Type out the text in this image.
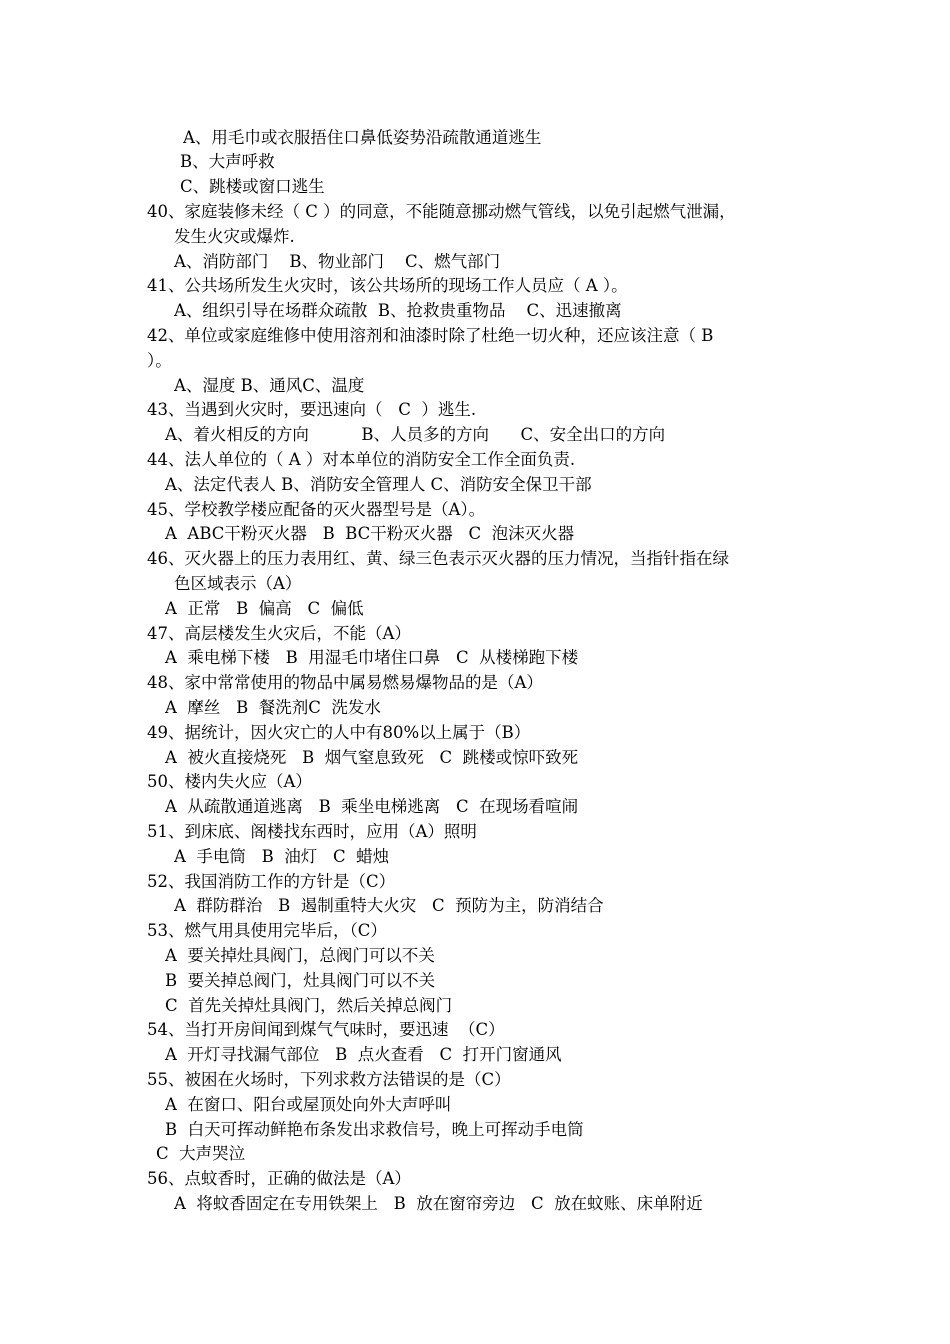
A、用毛巾或衣服捂住口鼻低姿势沿疏散通道逃生
B、大声呼救
C、跳楼或窗口逃生
40、家庭装修未经（ C ）的同意，不能随意挪动燃气管线，以免引起燃气泄漏，
发生火灾或爆炸.
A、消防部门    B、物业部门    C、燃气部门
41、公共场所发生火灾时，该公共场所的现场工作人员应（ A ）。
A、组织引导在场群众疏散  B、抢救贵重物品    C、迅速撤离
42、单位或家庭维修中使用溶剂和油漆时除了杜绝一切火种，还应该注意（ B
）。
A、湿度 B、通风C、温度
43、当遇到火灾时，要迅速向（   C  ）逃生.
A、着火相反的方向          B、人员多的方向      C、安全出口的方向
44、法人单位的（ A ）对本单位的消防安全工作全面负责.
A、法定代表人 B、消防安全管理人 C、消防安全保卫干部
45、学校教学楼应配备的灭火器型号是（A）。
A  ABC干粉灭火器   B  BC干粉灭火器   C  泡沫灭火器
46、灭火器上的压力表用红、黄、绿三色表示灭火器的压力情况，当指针指在绿
色区域表示（A）
A  正常   B  偏高   C  偏低
47、高层楼发生火灾后，不能（A）
A  乘电梯下楼   B  用湿毛巾堵住口鼻   C  从楼梯跑下楼
48、家中常常使用的物品中属易燃易爆物品的是（A）
A  摩丝   B  餐洗剂C  洗发水
49、据统计，因火灾亡的人中有80%以上属于（B）
A  被火直接烧死   B  烟气窒息致死   C  跳楼或惊吓致死
50、楼内失火应（A）
A  从疏散通道逃离   B  乘坐电梯逃离   C  在现场看喧闹
51、到床底、阁楼找东西时，应用（A）照明
A  手电筒   B  油灯   C  蜡烛
52、我国消防工作的方针是（C）
A  群防群治   B  遏制重特大火灾   C  预防为主，防消结合
53、燃气用具使用完毕后，（C）
A  要关掉灶具阀门，总阀门可以不关
B  要关掉总阀门，灶具阀门可以不关
C  首先关掉灶具阀门，然后关掉总阀门
54、当打开房间闻到煤气气味时，要迅速  （C）
A  开灯寻找漏气部位   B  点火查看   C  打开门窗通风
55、被困在火场时，下列求救方法错误的是（C）
A  在窗口、阳台或屋顶处向外大声呼叫
B  白天可挥动鲜艳布条发出求救信号，晚上可挥动手电筒
C  大声哭泣
56、点蚊香时，正确的做法是（A）
A  将蚊香固定在专用铁架上   B  放在窗帘旁边   C  放在蚊账、床单附近
